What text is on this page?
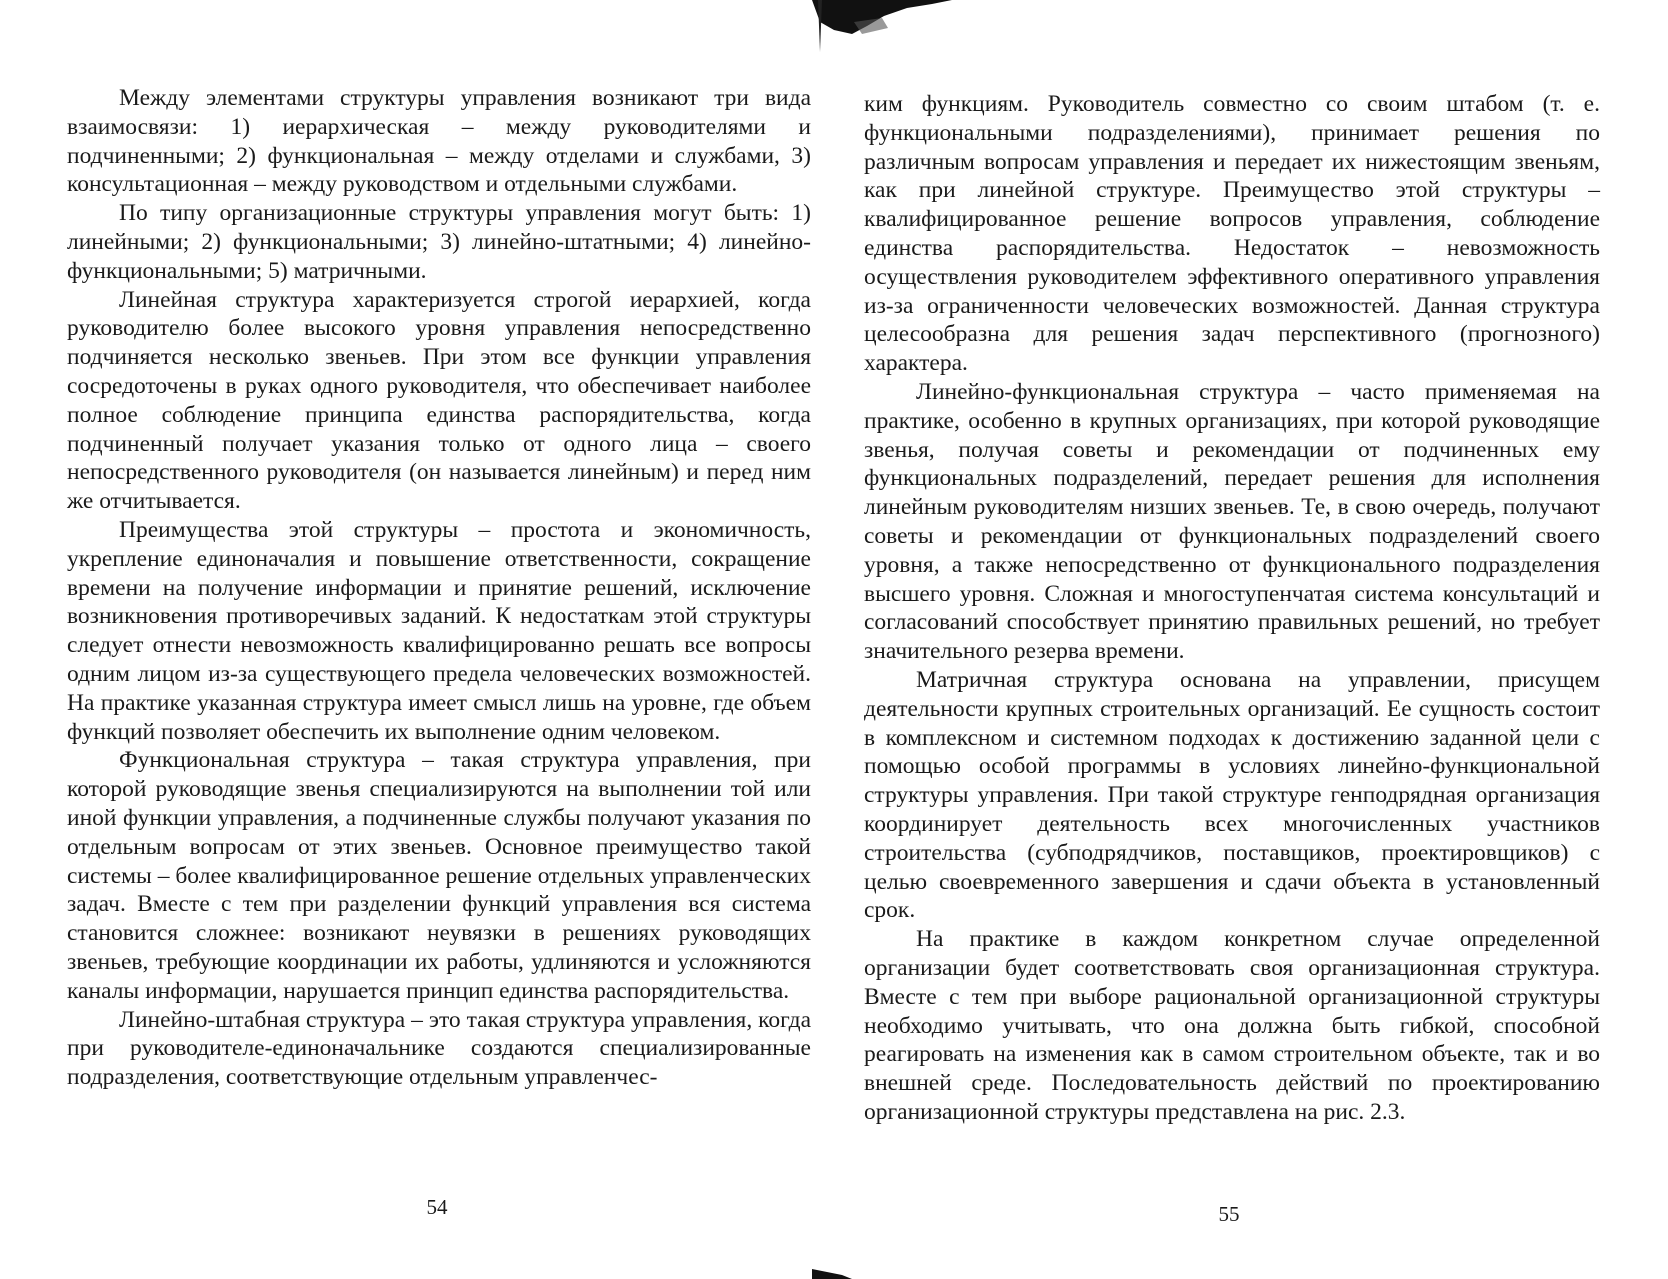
Между элементами структуры управления возникают три вида взаимосвязи: 1) иерархическая – между руководителями и подчиненными; 2) функциональная – между отделами и службами, 3) консультационная – между руководством и отдельными службами.

По типу организационные структуры управления могут быть: 1) линейными; 2) функциональными; 3) линейно-штатными; 4) линейно-функциональными; 5) матричными.

Линейная структура характеризуется строгой иерархией, когда руководителю более высокого уровня управления непосредственно подчиняется несколько звеньев. При этом все функции управления сосредоточены в руках одного руководителя, что обеспечивает наиболее полное соблюдение принципа единства распорядительства, когда подчиненный получает указания только от одного лица – своего непосредственного руководителя (он называется линейным) и перед ним же отчитывается.

Преимущества этой структуры – простота и экономичность, укрепление единоначалия и повышение ответственности, сокращение времени на получение информации и принятие решений, исключение возникновения противоречивых заданий. К недостаткам этой структуры следует отнести невозможность квалифицированно решать все вопросы одним лицом из-за существующего предела человеческих возможностей. На практике указанная структура имеет смысл лишь на уровне, где объем функций позволяет обеспечить их выполнение одним человеком.

Функциональная структура – такая структура управления, при которой руководящие звенья специализируются на выполнении той или иной функции управления, а подчиненные службы получают указания по отдельным вопросам от этих звеньев. Основное преимущество такой системы – более квалифицированное решение отдельных управленческих задач. Вместе с тем при разделении функций управления вся система становится сложнее: возникают неувязки в решениях руководящих звеньев, требующие координации их работы, удлиняются и усложняются каналы информации, нарушается принцип единства распорядительства.

Линейно-штабная структура – это такая структура управления, когда при руководителе-единоначальнике создаются специализированные подразделения, соответствующие отдельным управленчес-

54

ким функциям. Руководитель совместно со своим штабом (т. е. функциональными подразделениями), принимает решения по различным вопросам управления и передает их нижестоящим звеньям, как при линейной структуре. Преимущество этой структуры – квалифицированное решение вопросов управления, соблюдение единства распорядительства. Недостаток – невозможность осуществления руководителем эффективного оперативного управления из-за ограниченности человеческих возможностей. Данная структура целесообразна для решения задач перспективного (прогнозного) характера.

Линейно-функциональная структура – часто применяемая на практике, особенно в крупных организациях, при которой руководящие звенья, получая советы и рекомендации от подчиненных ему функциональных подразделений, передает решения для исполнения линейным руководителям низших звеньев. Те, в свою очередь, получают советы и рекомендации от функциональных подразделений своего уровня, а также непосредственно от функционального подразделения высшего уровня. Сложная и многоступенчатая система консультаций и согласований способствует принятию правильных решений, но требует значительного резерва времени.

Матричная структура основана на управлении, присущем деятельности крупных строительных организаций. Ее сущность состоит в комплексном и системном подходах к достижению заданной цели с помощью особой программы в условиях линейно-функциональной структуры управления. При такой структуре генподрядная организация координирует деятельность всех многочисленных участников строительства (субподрядчиков, поставщиков, проектировщиков) с целью своевременного завершения и сдачи объекта в установленный срок.

На практике в каждом конкретном случае определенной организации будет соответствовать своя организационная структура. Вместе с тем при выборе рациональной организационной структуры необходимо учитывать, что она должна быть гибкой, способной реагировать на изменения как в самом строительном объекте, так и во внешней среде. Последовательность действий по проектированию организационной структуры представлена на рис. 2.3.

55
